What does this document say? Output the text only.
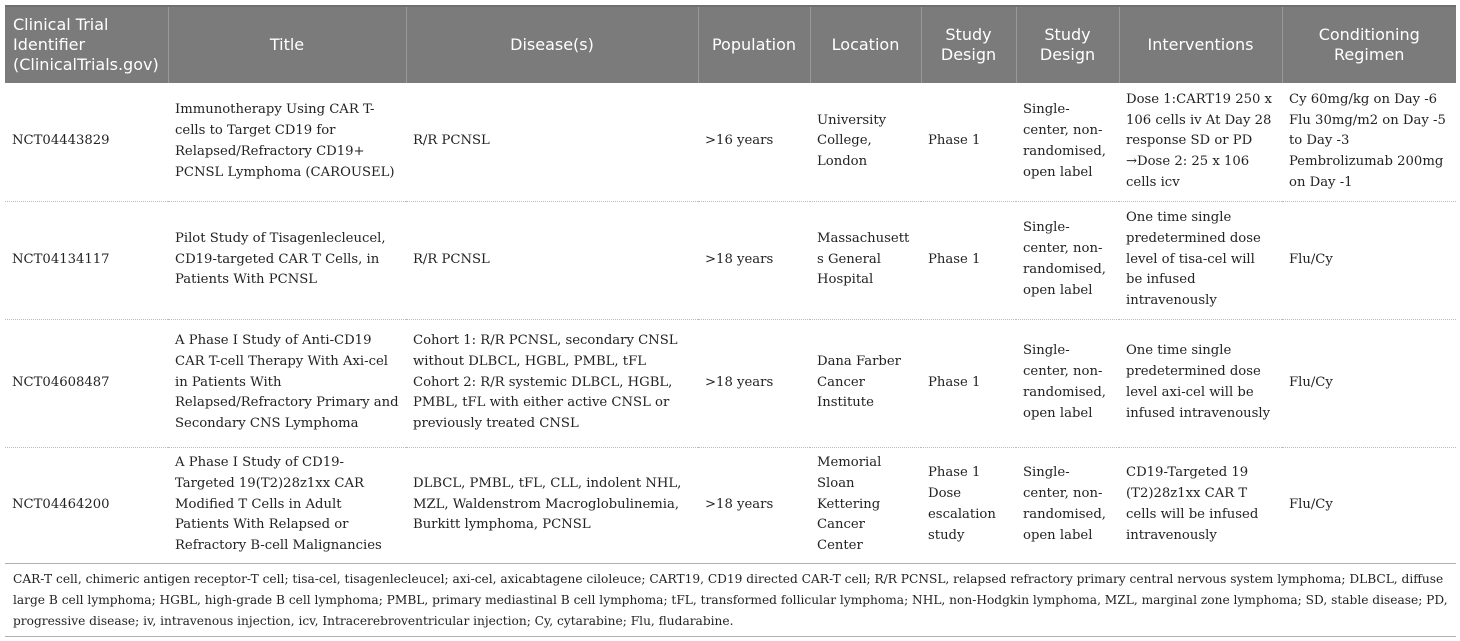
Clinical Trial Identifier (ClinicalTrials.gov)	Title	Disease(s)	Population	Location	Study Design	Study Design	Interventions	Conditioning Regimen
NCT04443829	Immunotherapy Using CAR T-cells to Target CD19 for Relapsed/Refractory CD19+ PCNSL Lymphoma (CAROUSEL)	R/R PCNSL	>16 years	University College, London	Phase 1	Single-center, non-randomised, open label	Dose 1:CART19 250 x 106 cells iv At Day 28 response SD or PD →Dose 2: 25 x 106 cells icv	Cy 60mg/kg on Day -6 Flu 30mg/m2 on Day -5 to Day -3 Pembrolizumab 200mg on Day -1
NCT04134117	Pilot Study of Tisagenlecleucel, CD19-targeted CAR T Cells, in Patients With PCNSL	R/R PCNSL	>18 years	Massachusetts General Hospital	Phase 1	Single-center, non-randomised, open label	One time single predetermined dose level of tisa-cel will be infused intravenously	Flu/Cy
NCT04608487	A Phase I Study of Anti-CD19 CAR T-cell Therapy With Axi-cel in Patients With Relapsed/Refractory Primary and Secondary CNS Lymphoma	Cohort 1: R/R PCNSL, secondary CNSL without DLBCL, HGBL, PMBL, tFL Cohort 2: R/R systemic DLBCL, HGBL, PMBL, tFL with either active CNSL or previously treated CNSL	>18 years	Dana Farber Cancer Institute	Phase 1	Single-center, non-randomised, open label	One time single predetermined dose level axi-cel will be infused intravenously	Flu/Cy
NCT04464200	A Phase I Study of CD19-Targeted 19(T2)28z1xx CAR Modified T Cells in Adult Patients With Relapsed or Refractory B-cell Malignancies	DLBCL, PMBL, tFL, CLL, indolent NHL, MZL, Waldenstrom Macroglobulinemia, Burkitt lymphoma, PCNSL	>18 years	Memorial Sloan Kettering Cancer Center	Phase 1 Dose escalation study	Single-center, non-randomised, open label	CD19-Targeted 19 (T2)28z1xx CAR T cells will be infused intravenously	Flu/Cy
CAR-T cell, chimeric antigen receptor-T cell; tisa-cel, tisagenlecleucel; axi-cel, axicabtagene ciloleuce; CART19, CD19 directed CAR-T cell; R/R PCNSL, relapsed refractory primary central nervous system lymphoma; DLBCL, diffuse large B cell lymphoma; HGBL, high-grade B cell lymphoma; PMBL, primary mediastinal B cell lymphoma; tFL, transformed follicular lymphoma; NHL, non-Hodgkin lymphoma, MZL, marginal zone lymphoma; SD, stable disease; PD, progressive disease; iv, intravenous injection, icv, Intracerebroventricular injection; Cy, cytarabine; Flu, fludarabine.								
